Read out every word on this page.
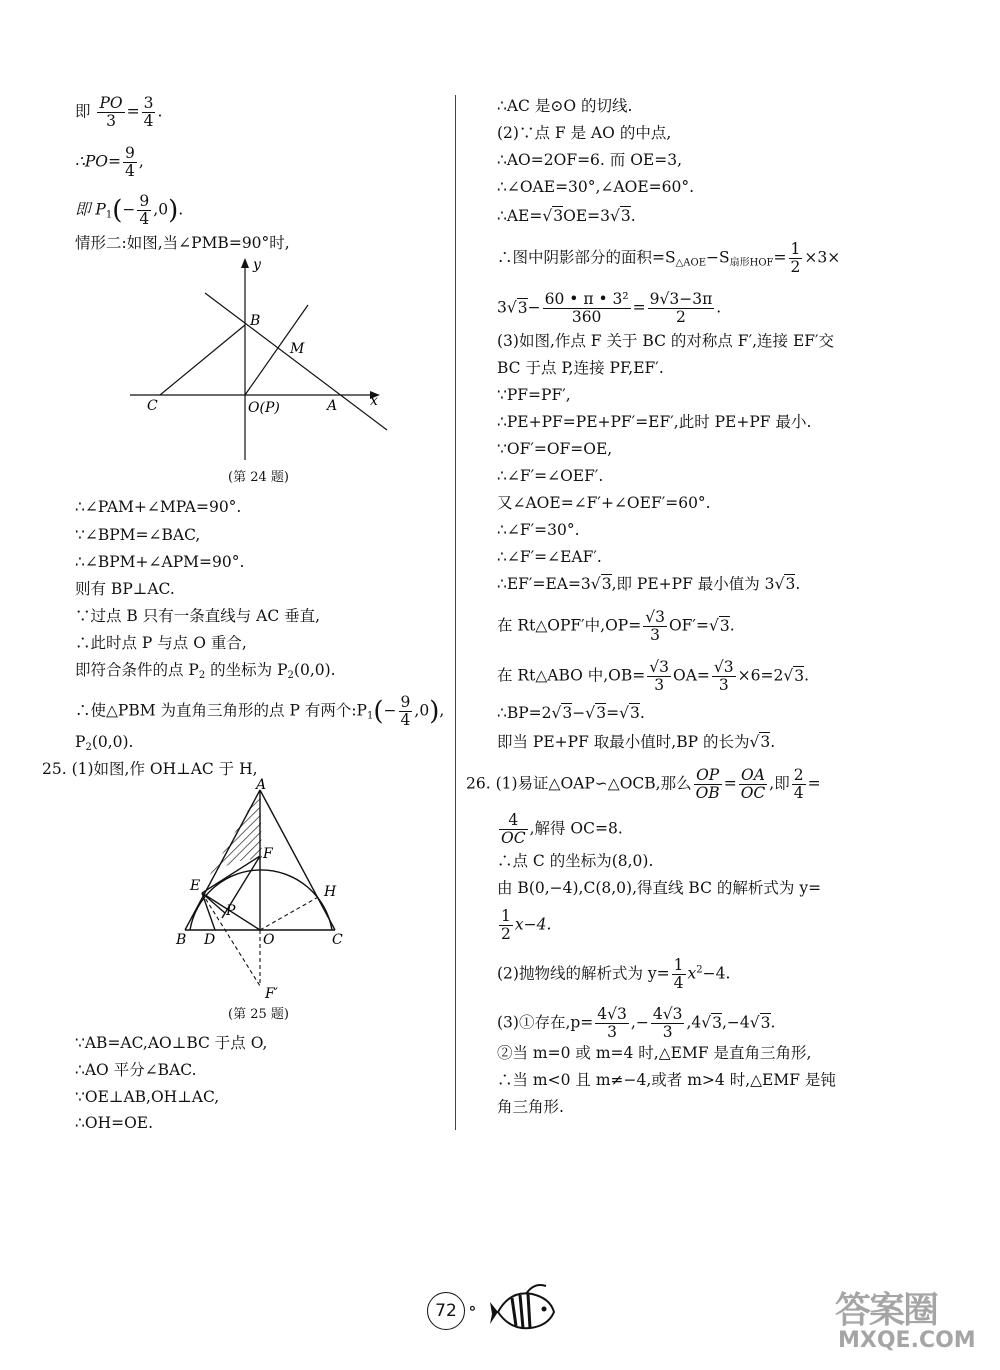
即 $\frac{PO}{3} = \frac{3}{4}$ .
∴PO= $\frac{9}{4}$ ,
即 $P_1(- \frac{9}{4} ,0)$.
情形二:如图,当∠PMB=90°时,
y
x
B
M
C	O(P)	A
(第 24 题)
∴∠PAM+∠MPA=90°.
∵∠BPM=∠BAC,
∴∠BPM+∠APM=90°.
则有 BP⊥AC.
∵过点 B 只有一条直线与 AC 垂直,
∴此时点 P 与点 O 重合,
即符合条件的点 $P_2$ 的坐标为 $P_2(0,0)$.
∴使△PBM 为直角三角形的点 P 有两个$:P_1(- \frac{9}{4} ,0)$,
$P_2(0,0)$.
25. (1)如图,作 OH⊥AC 于 H,
A
F
E	H
P
B D	O	C
F′
(第 25 题)
∵AB=AC,AO⊥BC 于点 O,
∴AO 平分∠BAC.
∵OE⊥AB,OH⊥AC,
∴OH=OE.
∴AC 是⊙O 的切线.
(2)∵点 F 是 AO 的中点,
∴AO=2OF=6. 而 OE=3,
∴∠OAE=30°,∠AOE=60°.
∴AE=√3OE=3√3.
∴图中阴影部分的面积$=S_{\triangle AOE}-S_{扇形HOF}= \frac{1}{2} \times 3\times$
$3√3- \frac{\text{60 • π • 3²}}{360} = \frac{9√3-3\pi}{2}$ .
(3)如图,作点 F 关于 BC 的对称点 F′,连接 EF′交
BC 于点 P,连接 PF,EF′.
∵PF=PF′,
∴PE+PF=PE+PF′=EF′,此时 PE+PF 最小.
∵OF′=OF=OE,
∴∠F′=∠OEF′.
又∠AOE=∠F′+∠OEF′=60°.
∴∠F′=30°.
∴∠F′=∠EAF′.
∴EF′=EA=3√3,即 PE+PF 最小值为 3√3.
在 Rt△OPF′中$,OP= \frac{√3}{3} OF'=√3$.
在 Rt△ABO 中$,OB= \frac{√3}{3} OA= \frac{√3}{3} \times 6=2√3$.
∴BP=2√3−√3=√3.
即当 PE+PF 取最小值时,BP 的长为√3.
26. (1)易证△OAP∽△OCB,那么 $\frac{OP}{OB} = \frac{OA}{OC}$ ,即 $\frac{2}{4}$ =
$\frac{4}{OC}$ ,解得 OC=8.
∴点 C 的坐标为(8,0).
由 B(0,−4),C(8,0),得直线 BC 的解析式为 y=
$\frac{1}{2} x-4$.
(2)抛物线的解析式为 $y= \frac{1}{4} x^2-4$.
(3)①存在$,p= \frac{4√3}{3}$ ,− $\frac{4√3}{3} ,4√3,-4√3$.
②当 m=0 或 m=4 时,△EMF 是直角三角形,
∴当 m<0 且 m≠−4,或者 m>4 时,△EMF 是钝
角三角形.
72 ∘	答案圈
MXQE.COM
